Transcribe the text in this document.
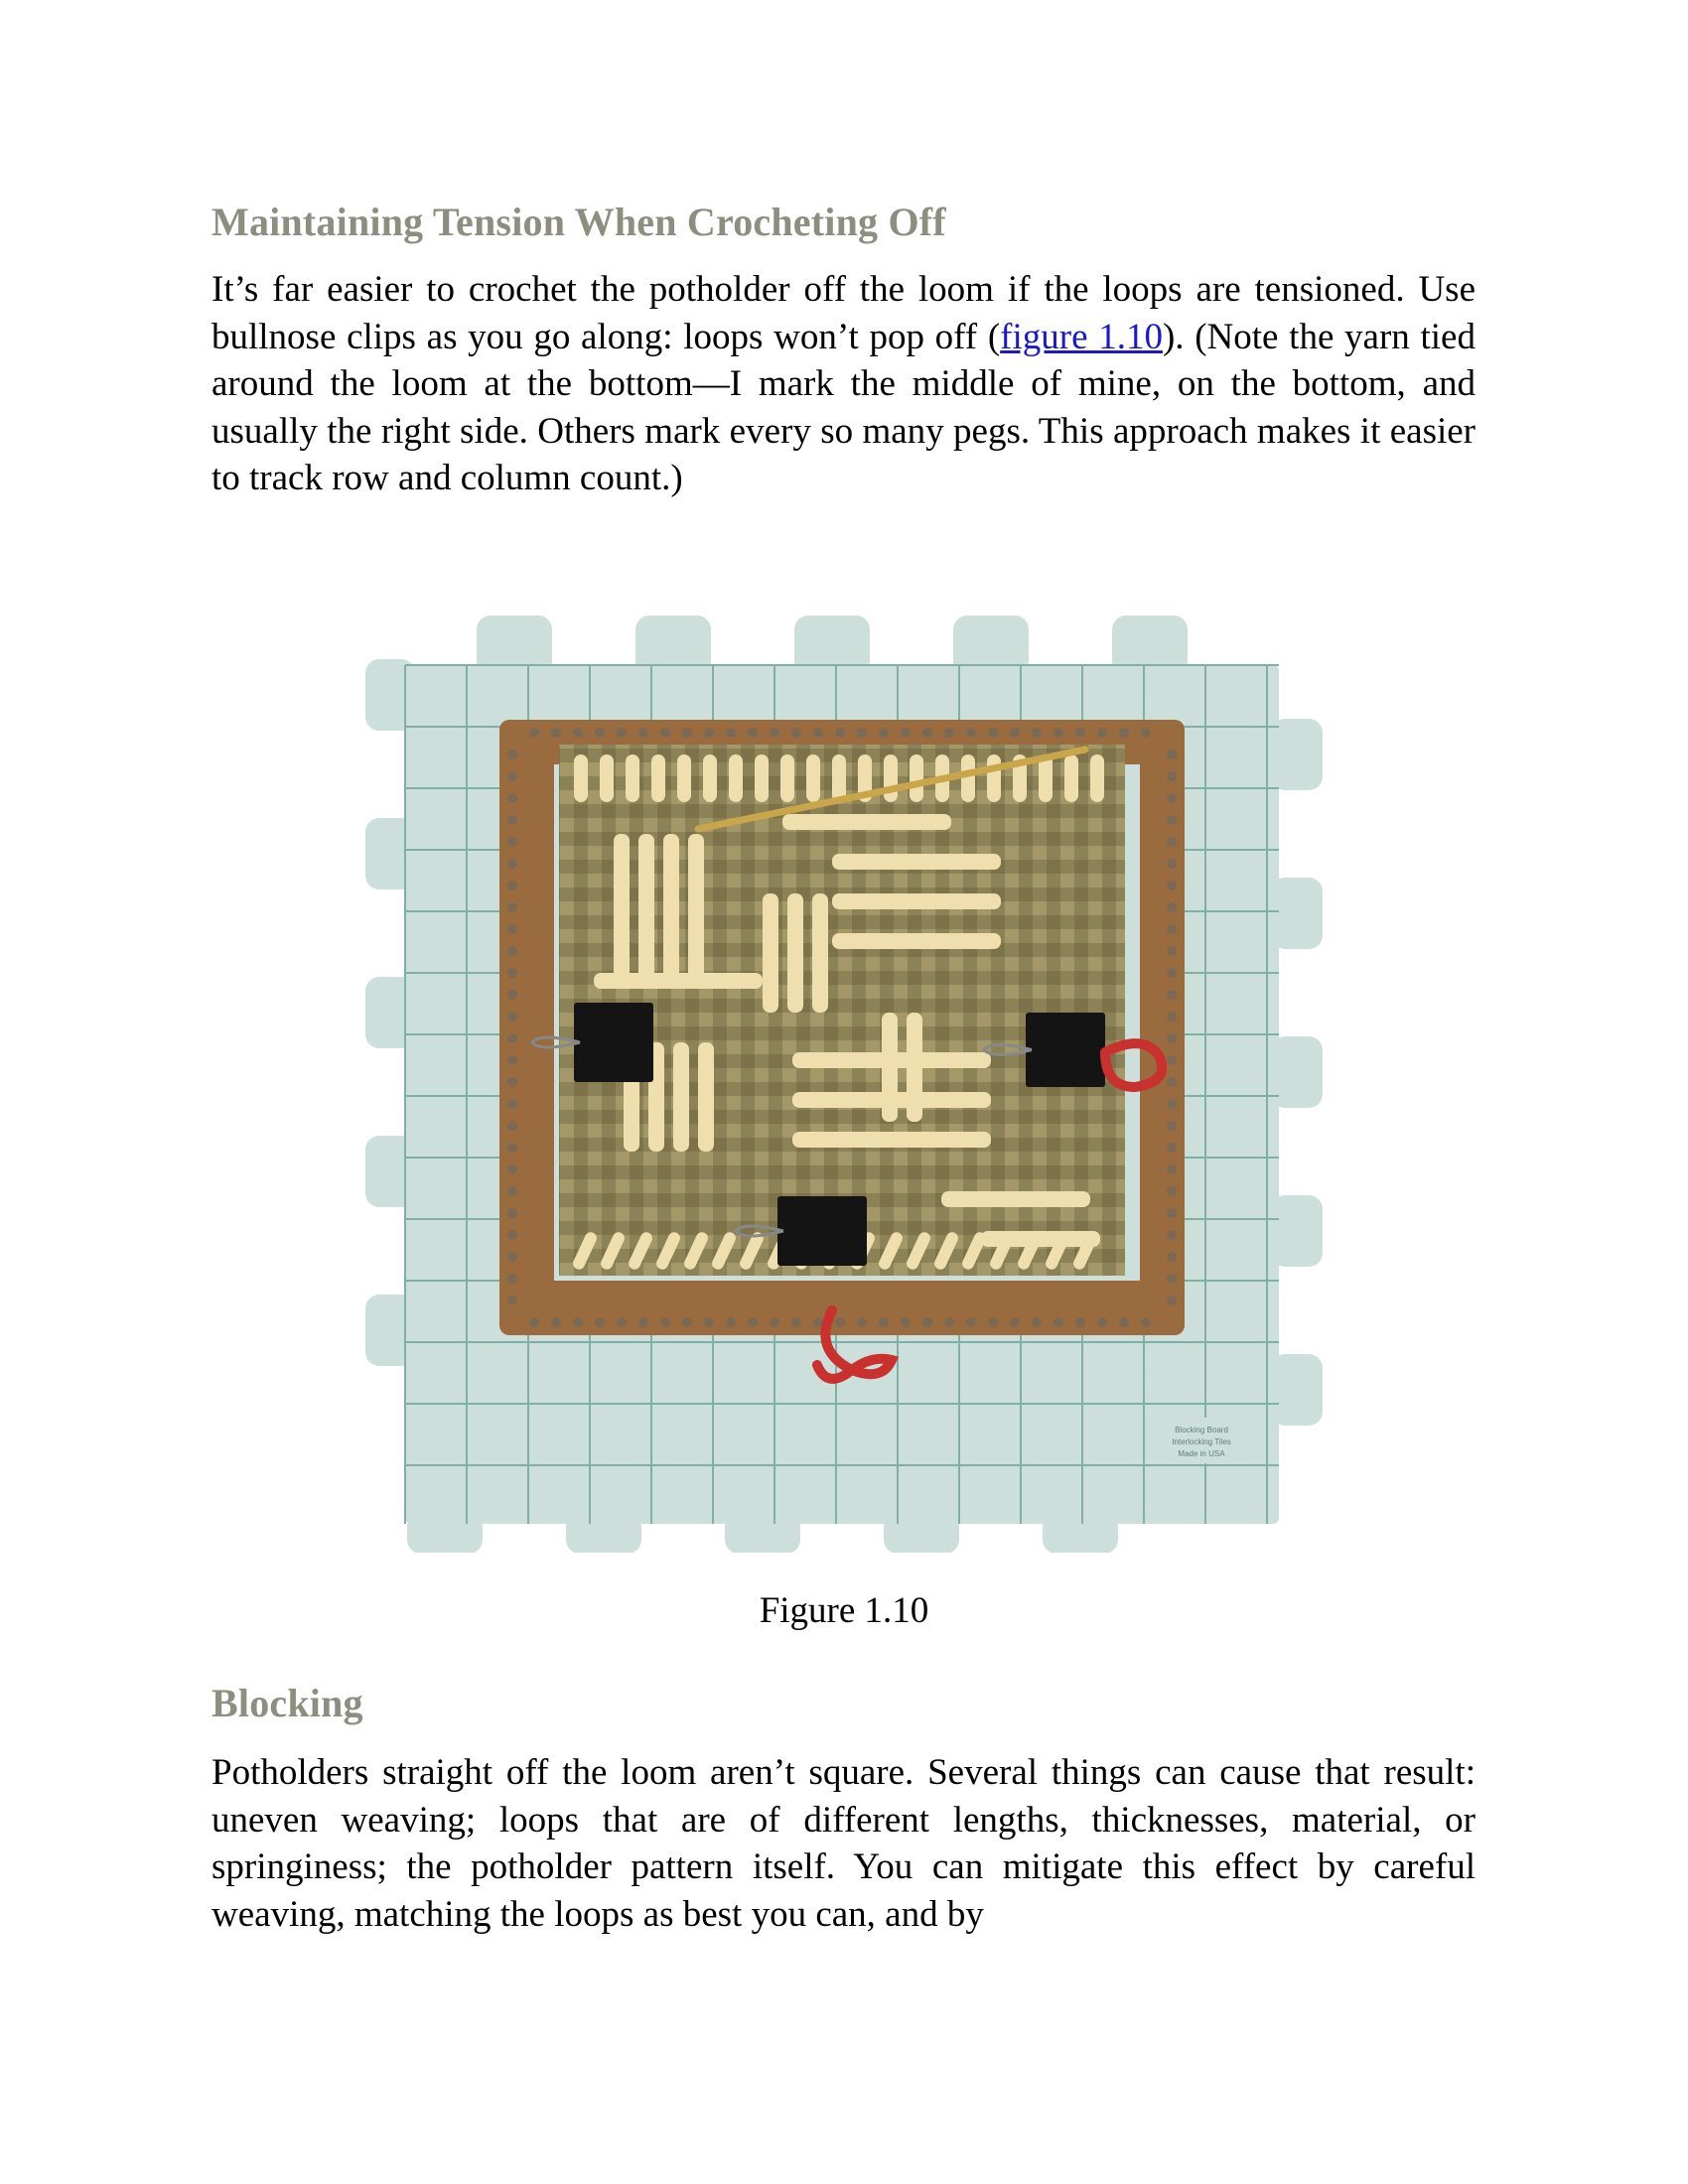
Maintaining Tension When Crocheting Off

It’s far easier to crochet the potholder off the loom if the loops are tensioned. Use bullnose clips as you go along: loops won’t pop off (figure 1.10). (Note the yarn tied around the loom at the bottom—I mark the middle of mine, on the bottom, and usually the right side. Others mark every so many pegs. This approach makes it easier to track row and column count.)

Blocking Board
Interlocking Tiles
Made in USA

Figure 1.10

Blocking

Potholders straight off the loom aren’t square. Several things can cause that result: uneven weaving; loops that are of different lengths, thicknesses, material, or springiness; the potholder pattern itself. You can mitigate this effect by careful weaving, matching the loops as best you can, and by
